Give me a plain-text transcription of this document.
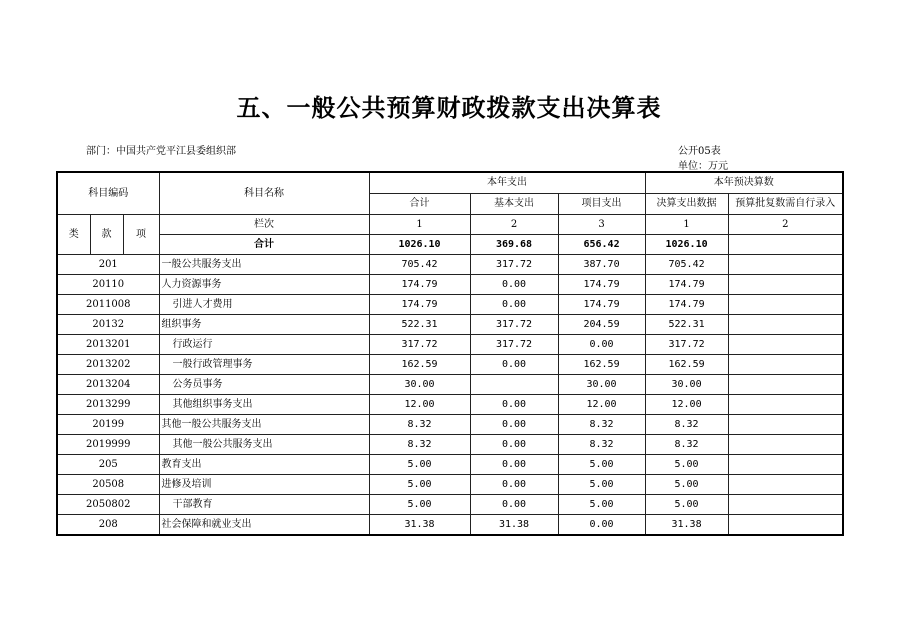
五、一般公共预算财政拨款支出决算表
部门：中国共产党平江县委组织部	公开05表
单位：万元
科目编码			科目名称	本年支出			本年预决算数	
				合计	基本支出	项目支出	决算支出数据	预算批复数需自行录入
类	款	项	栏次	1	2	3	1	2
			合计	1026.10	369.68	656.42	1026.10	
201			一般公共服务支出	705.42	317.72	387.70	705.42	
20110			人力资源事务	174.79	0.00	174.79	174.79	
2011008			引进人才费用	174.79	0.00	174.79	174.79	
20132			组织事务	522.31	317.72	204.59	522.31	
2013201			行政运行	317.72	317.72	0.00	317.72	
2013202			一般行政管理事务	162.59	0.00	162.59	162.59	
2013204			公务员事务	30.00		30.00	30.00	
2013299			其他组织事务支出	12.00	0.00	12.00	12.00	
20199			其他一般公共服务支出	8.32	0.00	8.32	8.32	
2019999			其他一般公共服务支出	8.32	0.00	8.32	8.32	
205			教育支出	5.00	0.00	5.00	5.00	
20508			进修及培训	5.00	0.00	5.00	5.00	
2050802			干部教育	5.00	0.00	5.00	5.00	
208			社会保障和就业支出	31.38	31.38	0.00	31.38	
